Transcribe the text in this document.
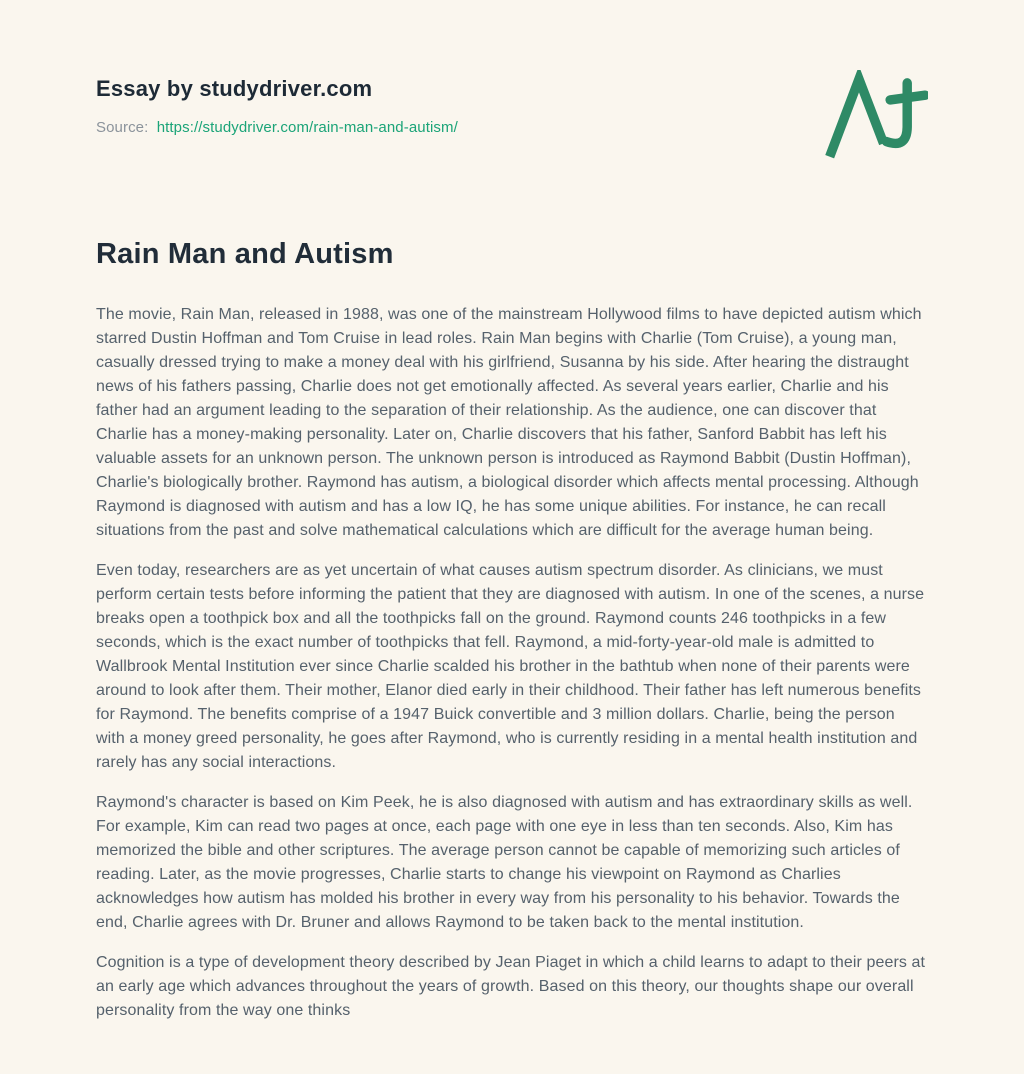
Essay by studydriver.com

Source: https://studydriver.com/rain-man-and-autism/

Rain Man and Autism

The movie, Rain Man, released in 1988, was one of the mainstream Hollywood films to have depicted autism which starred Dustin Hoffman and Tom Cruise in lead roles. Rain Man begins with Charlie (Tom Cruise), a young man, casually dressed trying to make a money deal with his girlfriend, Susanna by his side. After hearing the distraught news of his fathers passing, Charlie does not get emotionally affected. As several years earlier, Charlie and his father had an argument leading to the separation of their relationship. As the audience, one can discover that Charlie has a money-making personality. Later on, Charlie discovers that his father, Sanford Babbit has left his valuable assets for an unknown person. The unknown person is introduced as Raymond Babbit (Dustin Hoffman), Charlie's biologically brother. Raymond has autism, a biological disorder which affects mental processing. Although Raymond is diagnosed with autism and has a low IQ, he has some unique abilities. For instance, he can recall situations from the past and solve mathematical calculations which are difficult for the average human being.

Even today, researchers are as yet uncertain of what causes autism spectrum disorder. As clinicians, we must perform certain tests before informing the patient that they are diagnosed with autism. In one of the scenes, a nurse breaks open a toothpick box and all the toothpicks fall on the ground. Raymond counts 246 toothpicks in a few seconds, which is the exact number of toothpicks that fell. Raymond, a mid-forty-year-old male is admitted to Wallbrook Mental Institution ever since Charlie scalded his brother in the bathtub when none of their parents were around to look after them. Their mother, Elanor died early in their childhood. Their father has left numerous benefits for Raymond. The benefits comprise of a 1947 Buick convertible and 3 million dollars. Charlie, being the person with a money greed personality, he goes after Raymond, who is currently residing in a mental health institution and rarely has any social interactions.

Raymond's character is based on Kim Peek, he is also diagnosed with autism and has extraordinary skills as well. For example, Kim can read two pages at once, each page with one eye in less than ten seconds. Also, Kim has memorized the bible and other scriptures. The average person cannot be capable of memorizing such articles of reading. Later, as the movie progresses, Charlie starts to change his viewpoint on Raymond as Charlies acknowledges how autism has molded his brother in every way from his personality to his behavior. Towards the end, Charlie agrees with Dr. Bruner and allows Raymond to be taken back to the mental institution.

Cognition is a type of development theory described by Jean Piaget in which a child learns to adapt to their peers at an early age which advances throughout the years of growth. Based on this theory, our thoughts shape our overall personality from the way one thinks
